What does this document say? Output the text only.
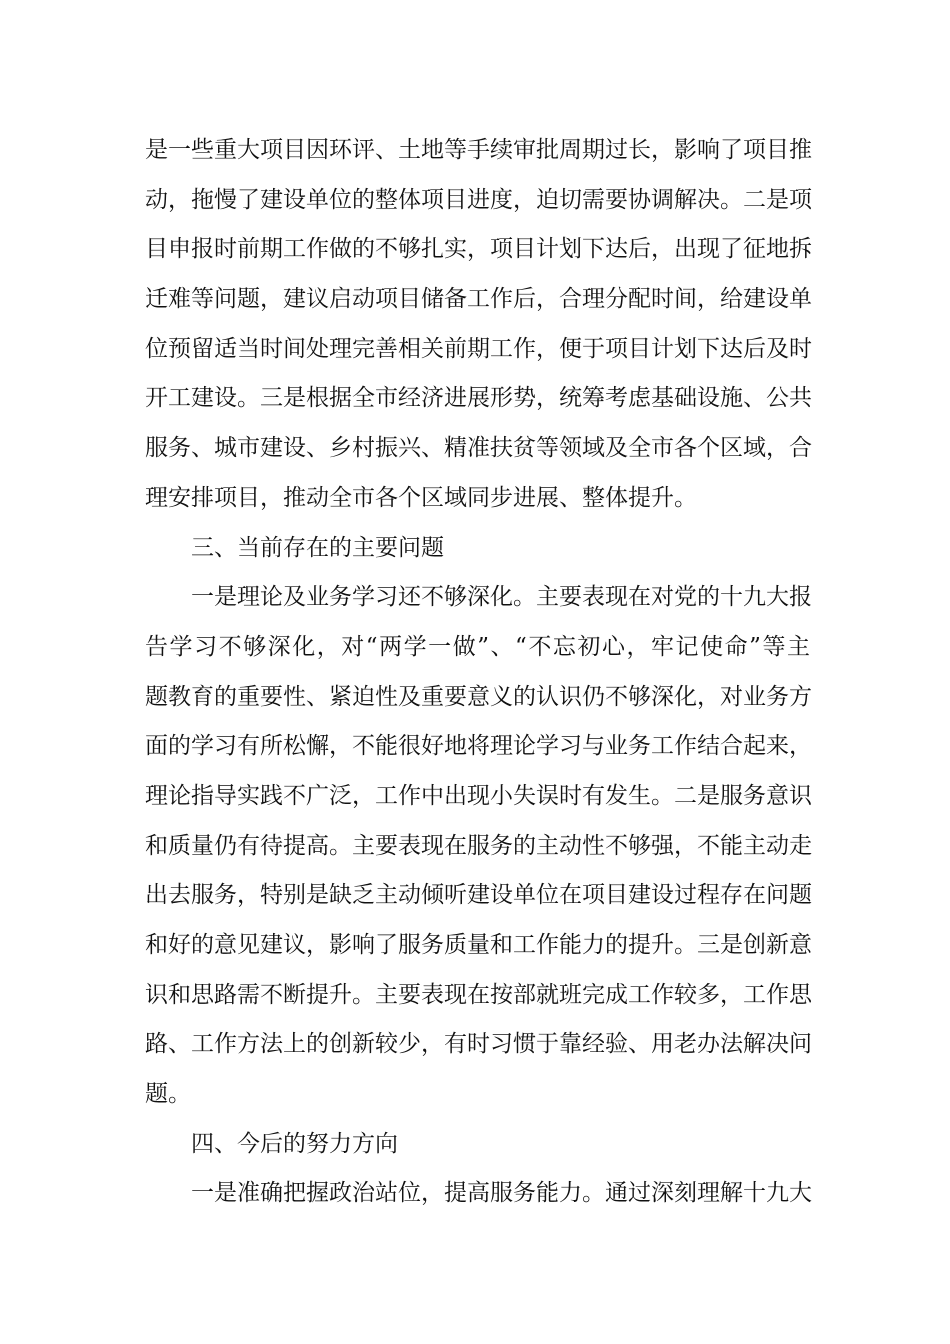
是一些重大项目因环评、土地等手续审批周期过长，影响了项目推
动，拖慢了建设单位的整体项目进度，迫切需要协调解决。二是项
目申报时前期工作做的不够扎实，项目计划下达后，出现了征地拆
迁难等问题，建议启动项目储备工作后，合理分配时间，给建设单
位预留适当时间处理完善相关前期工作，便于项目计划下达后及时
开工建设。三是根据全市经济进展形势，统筹考虑基础设施、公共
服务、城市建设、乡村振兴、精准扶贫等领域及全市各个区域，合
理安排项目，推动全市各个区域同步进展、整体提升。
三、当前存在的主要问题
一是理论及业务学习还不够深化。主要表现在对党的十九大报
告学习不够深化，对“两学一做”、“不忘初心，牢记使命”等主
题教育的重要性、紧迫性及重要意义的认识仍不够深化，对业务方
面的学习有所松懈，不能很好地将理论学习与业务工作结合起来，
理论指导实践不广泛，工作中出现小失误时有发生。二是服务意识
和质量仍有待提高。主要表现在服务的主动性不够强，不能主动走
出去服务，特别是缺乏主动倾听建设单位在项目建设过程存在问题
和好的意见建议，影响了服务质量和工作能力的提升。三是创新意
识和思路需不断提升。主要表现在按部就班完成工作较多，工作思
路、工作方法上的创新较少，有时习惯于靠经验、用老办法解决问
题。
四、今后的努力方向
一是准确把握政治站位，提高服务能力。通过深刻理解十九大
